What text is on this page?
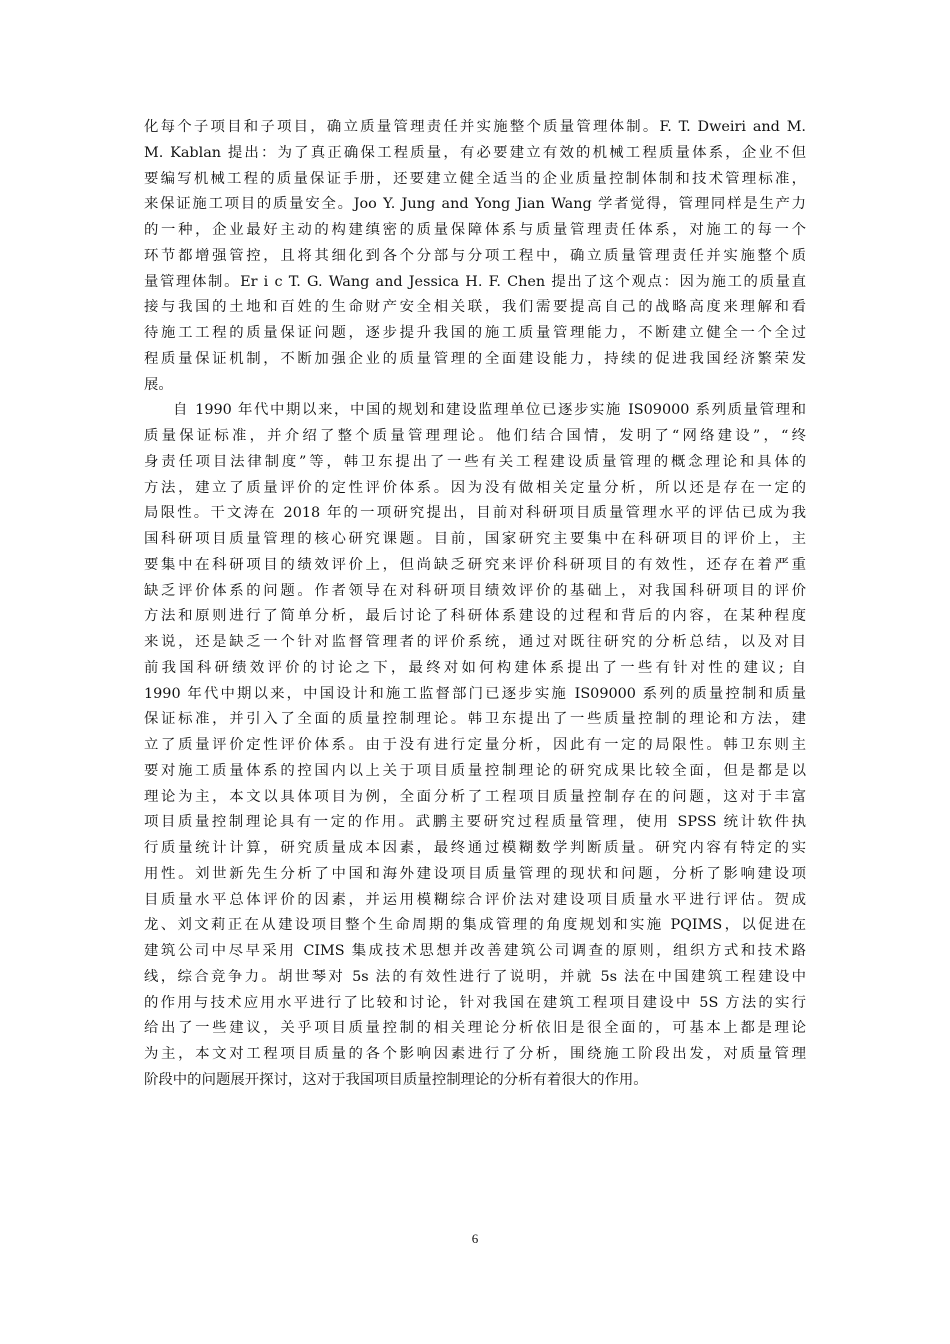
化每个子项目和子项目，确立质量管理责任并实施整个质量管理体制。F. T. Dweiri and M.
M. Kablan 提出：为了真正确保工程质量，有必要建立有效的机械工程质量体系，企业不但
要编写机械工程的质量保证手册，还要建立健全适当的企业质量控制体制和技术管理标准，
来保证施工项目的质量安全。Joo Y. Jung and Yong Jian Wang 学者觉得，管理同样是生产力
的一种，企业最好主动的构建缜密的质量保障体系与质量管理责任体系，对施工的每一个
环节都增强管控，且将其细化到各个分部与分项工程中，确立质量管理责任并实施整个质
量管理体制。Er i c T. G. Wang and Jessica H. F. Chen 提出了这个观点：因为施工的质量直
接与我国的土地和百姓的生命财产安全相关联，我们需要提高自己的战略高度来理解和看
待施工工程的质量保证问题，逐步提升我国的施工质量管理能力，不断建立健全一个全过
程质量保证机制，不断加强企业的质量管理的全面建设能力，持续的促进我国经济繁荣发
展。
自 1990 年代中期以来，中国的规划和建设监理单位已逐步实施 IS09000 系列质量管理和
质量保证标准，并介绍了整个质量管理理论。他们结合国情，发明了“网络建设”，“终
身责任项目法律制度”等，韩卫东提出了一些有关工程建设质量管理的概念理论和具体的
方法，建立了质量评价的定性评价体系。因为没有做相关定量分析，所以还是存在一定的
局限性。干文涛在 2018 年的一项研究提出，目前对科研项目质量管理水平的评估已成为我
国科研项目质量管理的核心研究课题。目前，国家研究主要集中在科研项目的评价上，主
要集中在科研项目的绩效评价上，但尚缺乏研究来评价科研项目的有效性，还存在着严重
缺乏评价体系的问题。作者领导在对科研项目绩效评价的基础上，对我国科研项目的评价
方法和原则进行了简单分析，最后讨论了科研体系建设的过程和背后的内容，在某种程度
来说，还是缺乏一个针对监督管理者的评价系统，通过对既往研究的分析总结，以及对目
前我国科研绩效评价的讨论之下，最终对如何构建体系提出了一些有针对性的建议; 自
1990 年代中期以来，中国设计和施工监督部门已逐步实施 IS09000 系列的质量控制和质量
保证标准，并引入了全面的质量控制理论。韩卫东提出了一些质量控制的理论和方法，建
立了质量评价定性评价体系。由于没有进行定量分析，因此有一定的局限性。韩卫东则主
要对施工质量体系的控国内以上关于项目质量控制理论的研究成果比较全面，但是都是以
理论为主，本文以具体项目为例，全面分析了工程项目质量控制存在的问题，这对于丰富
项目质量控制理论具有一定的作用。武鹏主要研究过程质量管理，使用 SPSS 统计软件执
行质量统计计算，研究质量成本因素，最终通过模糊数学判断质量。研究内容有特定的实
用性。刘世新先生分析了中国和海外建设项目质量管理的现状和问题，分析了影响建设项
目质量水平总体评价的因素，并运用模糊综合评价法对建设项目质量水平进行评估。贺成
龙、刘文莉正在从建设项目整个生命周期的集成管理的角度规划和实施 PQIMS，以促进在
建筑公司中尽早采用 CIMS 集成技术思想并改善建筑公司调查的原则，组织方式和技术路
线，综合竞争力。胡世琴对 5s 法的有效性进行了说明，并就 5s 法在中国建筑工程建设中
的作用与技术应用水平进行了比较和讨论，针对我国在建筑工程项目建设中 5S 方法的实行
给出了一些建议，关乎项目质量控制的相关理论分析依旧是很全面的，可基本上都是理论
为主，本文对工程项目质量的各个影响因素进行了分析，围绕施工阶段出发，对质量管理
阶段中的问题展开探讨，这对于我国项目质量控制理论的分析有着很大的作用。
6
